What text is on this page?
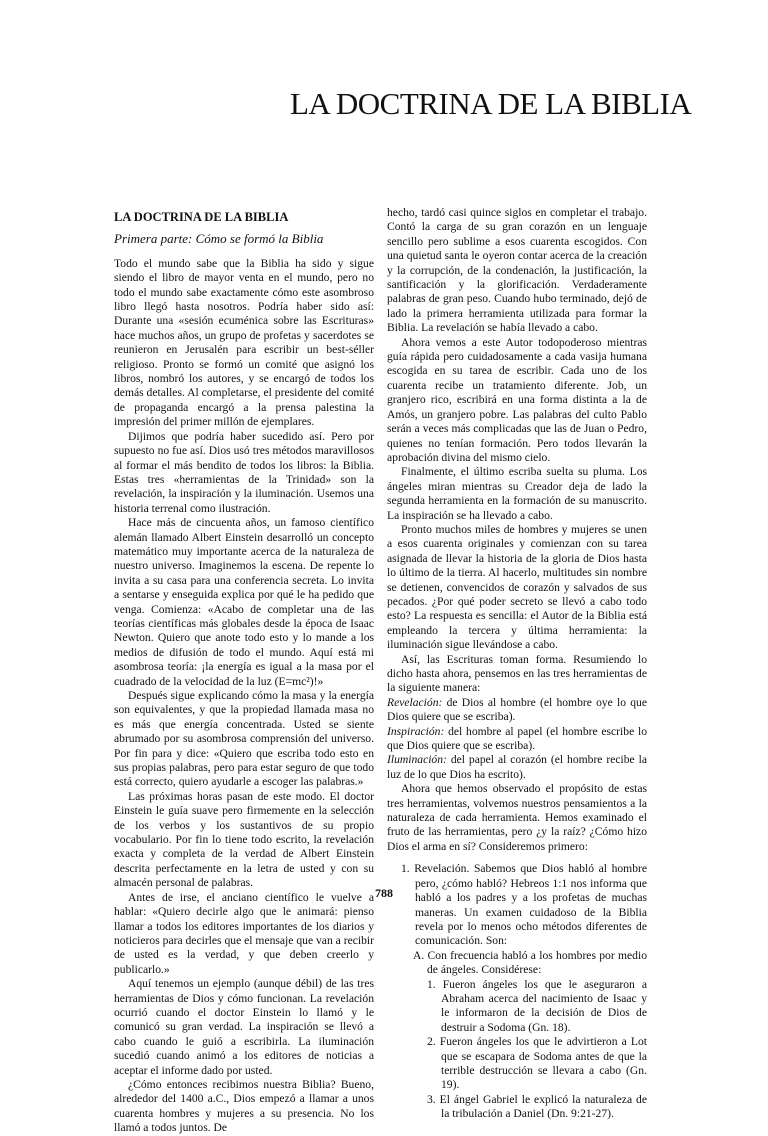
LA DOCTRINA DE LA BIBLIA
LA DOCTRINA DE LA BIBLIA
Primera parte: Cómo se formó la Biblia

Todo el mundo sabe que la Biblia ha sido y sigue siendo el libro de mayor venta en el mundo, pero no todo el mundo sabe exactamente cómo este asombroso libro llegó hasta nosotros. Podría haber sido así: Durante una «sesión ecuménica sobre las Escrituras» hace muchos años, un grupo de profetas y sacerdotes se reunieron en Jerusalén para escribir un best-séller religioso. Pronto se formó un comité que asignó los libros, nombró los autores, y se encargó de todos los demás detalles. Al completarse, el presidente del comité de propaganda encargó a la prensa palestina la impresión del primer millón de ejemplares.

Dijimos que podría haber sucedido así. Pero por supuesto no fue así. Dios usó tres métodos maravillosos al formar el más bendito de todos los libros: la Biblia. Estas tres «herramientas de la Trinidad» son la revelación, la inspiración y la iluminación. Usemos una historia terrenal como ilustración.

Hace más de cincuenta años, un famoso científico alemán llamado Albert Einstein desarrolló un concepto matemático muy importante acerca de la naturaleza de nuestro universo. Imaginemos la escena. De repente lo invita a su casa para una conferencia secreta. Lo invita a sentarse y enseguida explica por qué le ha pedido que venga. Comienza: «Acabo de completar una de las teorías científicas más globales desde la época de Isaac Newton. Quiero que anote todo esto y lo mande a los medios de difusión de todo el mundo. Aquí está mi asombrosa teoría: ¡la energía es igual a la masa por el cuadrado de la velocidad de la luz (E=mc²)!»

Después sigue explicando cómo la masa y la energía son equivalentes, y que la propiedad llamada masa no es más que energía concentrada. Usted se siente abrumado por su asombrosa comprensión del universo. Por fin para y dice: «Quiero que escriba todo esto en sus propias palabras, pero para estar seguro de que todo está correcto, quiero ayudarle a escoger las palabras.»

Las próximas horas pasan de este modo. El doctor Einstein le guía suave pero firmemente en la selección de los verbos y los sustantivos de su propio vocabulario. Por fin lo tiene todo escrito, la revelación exacta y completa de la verdad de Albert Einstein descrita perfectamente en la letra de usted y con su almacén personal de palabras.

Antes de irse, el anciano científico le vuelve a hablar: «Quiero decirle algo que le animará: pienso llamar a todos los editores importantes de los diarios y noticieros para decirles que el mensaje que van a recibir de usted es la verdad, y que deben creerlo y publicarlo.»

Aquí tenemos un ejemplo (aunque débil) de las tres herramientas de Dios y cómo funcionan. La revelación ocurrió cuando el doctor Einstein lo llamó y le comunicó su gran verdad. La inspiración se llevó a cabo cuando le guió a escribirla. La iluminación sucedió cuando animó a los editores de noticias a aceptar el informe dado por usted.

¿Cómo entonces recibimos nuestra Biblia? Bueno, alrededor del 1400 a.C., Dios empezó a llamar a unos cuarenta hombres y mujeres a su presencia. No los llamó a todos juntos. De

hecho, tardó casi quince siglos en completar el trabajo. Contó la carga de su gran corazón en un lenguaje sencillo pero sublime a esos cuarenta escogidos. Con una quietud santa le oyeron contar acerca de la creación y la corrupción, de la condenación, la justificación, la santificación y la glorificación. Verdaderamente palabras de gran peso. Cuando hubo terminado, dejó de lado la primera herramienta utilizada para formar la Biblia. La revelación se había llevado a cabo.

Ahora vemos a este Autor todopoderoso mientras guía rápida pero cuidadosamente a cada vasija humana escogida en su tarea de escribir. Cada uno de los cuarenta recibe un tratamiento diferente. Job, un granjero rico, escribirá en una forma distinta a la de Amós, un granjero pobre. Las palabras del culto Pablo serán a veces más complicadas que las de Juan o Pedro, quienes no tenían formación. Pero todos llevarán la aprobación divina del mismo cielo.

Finalmente, el último escriba suelta su pluma. Los ángeles miran mientras su Creador deja de lado la segunda herramienta en la formación de su manuscrito. La inspiración se ha llevado a cabo.

Pronto muchos miles de hombres y mujeres se unen a esos cuarenta originales y comienzan con su tarea asignada de llevar la historia de la gloria de Dios hasta lo último de la tierra. Al hacerlo, multitudes sin nombre se detienen, convencidos de corazón y salvados de sus pecados. ¿Por qué poder secreto se llevó a cabo todo esto? La respuesta es sencilla: el Autor de la Biblia está empleando la tercera y última herramienta: la iluminación sigue llevándose a cabo.

Así, las Escrituras toman forma. Resumiendo lo dicho hasta ahora, pensemos en las tres herramientas de la siguiente manera:

Revelación: de Dios al hombre (el hombre oye lo que Dios quiere que se escriba).

Inspiración: del hombre al papel (el hombre escribe lo que Dios quiere que se escriba).

Iluminación: del papel al corazón (el hombre recibe la luz de lo que Dios ha escrito).

Ahora que hemos observado el propósito de estas tres herramientas, volvemos nuestros pensamientos a la naturaleza de cada herramienta. Hemos examinado el fruto de las herramientas, pero ¿y la raíz? ¿Cómo hizo Dios el arma en sí? Consideremos primero:

1. Revelación. Sabemos que Dios habló al hombre pero, ¿cómo habló? Hebreos 1:1 nos informa que habló a los padres y a los profetas de muchas maneras. Un examen cuidadoso de la Biblia revela por lo menos ocho métodos diferentes de comunicación. Son:
A. Con frecuencia habló a los hombres por medio de ángeles. Considérese:
1. Fueron ángeles los que le aseguraron a Abraham acerca del nacimiento de Isaac y le informaron de la decisión de Dios de destruir a Sodoma (Gn. 18).
2. Fueron ángeles los que le advirtieron a Lot que se escapara de Sodoma antes de que la terrible destrucción se llevara a cabo (Gn. 19).
3. El ángel Gabriel le explicó la naturaleza de la tribulación a Daniel (Dn. 9:21-27).
788
